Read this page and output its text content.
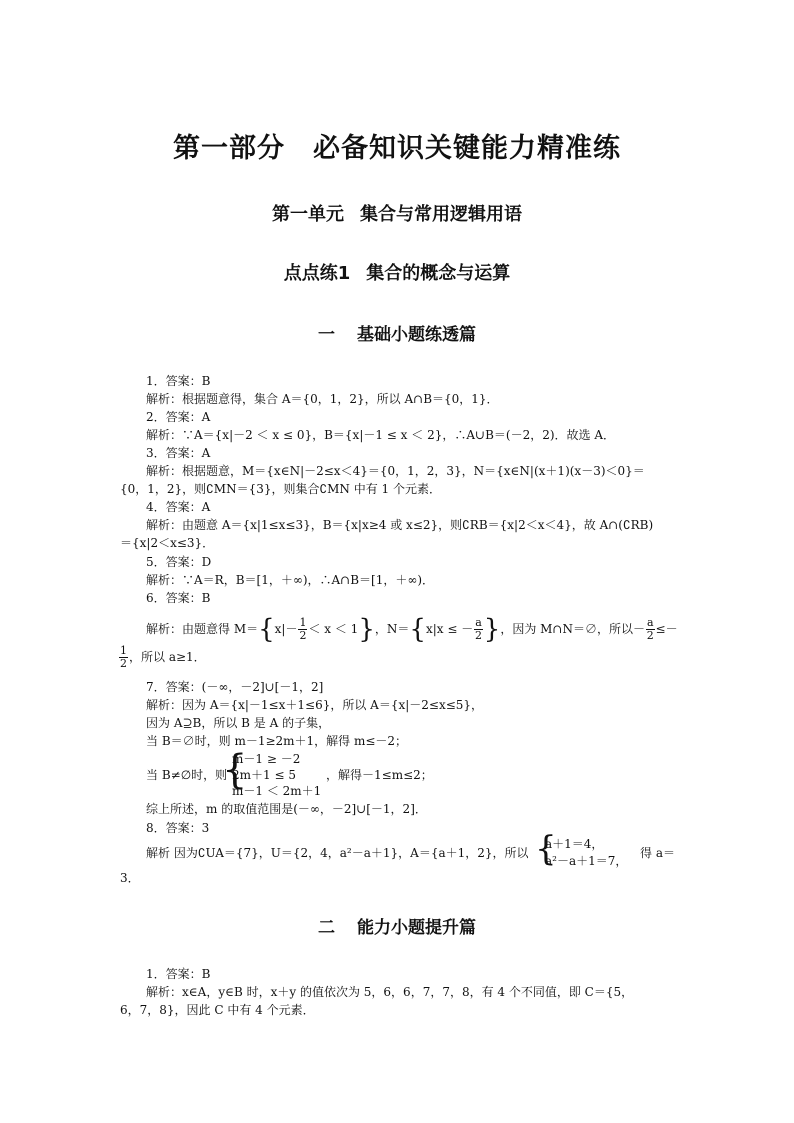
第一部分 必备知识关键能力精准练
第一单元 集合与常用逻辑用语
点点练1 集合的概念与运算
一 基础小题练透篇
1．答案：B
解析：根据题意得，集合 A＝{0，1，2}，所以 A∩B＝{0，1}．
2．答案：A
解析：∵A＝{x|－2 ＜ x ≤ 0}，B＝{x|－1 ≤ x ＜ 2}，∴A∪B＝(－2，2)．故选 A．
3．答案：A
解析：根据题意，M＝{x∈N|－2≤x＜4}＝{0，1，2，3}，N＝{x∈N|(x＋1)(x－3)＜0}＝
{0，1，2}，则∁MN＝{3}，则集合∁MN 中有 1 个元素．
4．答案：A
解析：由题意 A＝{x|1≤x≤3}，B＝{x|x≥4 或 x≤2}，则∁RB＝{x|2＜x＜4}，故 A∩(∁RB)
＝{x|2＜x≤3}．
5．答案：D
解析：∵A＝R，B＝[1，＋∞)，∴A∩B＝[1，＋∞)．
6．答案：B
解析：由题意得 $M=\{x|- \frac{1}{2} < x < 1\}$，N＝{x|x ≤ － $\frac{a}{2}$ }，因为 M∩N＝∅，所以－ $\frac{a}{2}$ ≤－
$\frac{1}{2}$ ，所以 a≥1．
7．答案：(－∞，－2]∪[－1，2]
解析：因为 A＝{x|－1≤x＋1≤6}，所以 A＝{x|－2≤x≤5}，
因为 A⊇B，所以 B 是 A 的子集，
当 B＝∅时，则 m－1≥2m＋1，解得 m≤－2；
m－1 ≥ －2
当 B≠∅时，则
{
2m＋1 ≤ 5	，解得－1≤m≤2；
m－1 ＜ 2m＋1
综上所述，m 的取值范围是(－∞，－2]∪[－1，2]．
8．答案：3
解析 因为∁UA＝{7}，U＝{2，4，a²－a＋1}，A＝{a＋1，2}，所以 {
a＋1＝4，
a²－a＋1＝7，
得 a＝
3．
二 能力小题提升篇
1．答案：B
解析：x∈A，y∈B 时，x＋y 的值依次为 5，6，6，7，7，8，有 4 个不同值，即 C＝{5，
6，7，8}，因此 C 中有 4 个元素．
